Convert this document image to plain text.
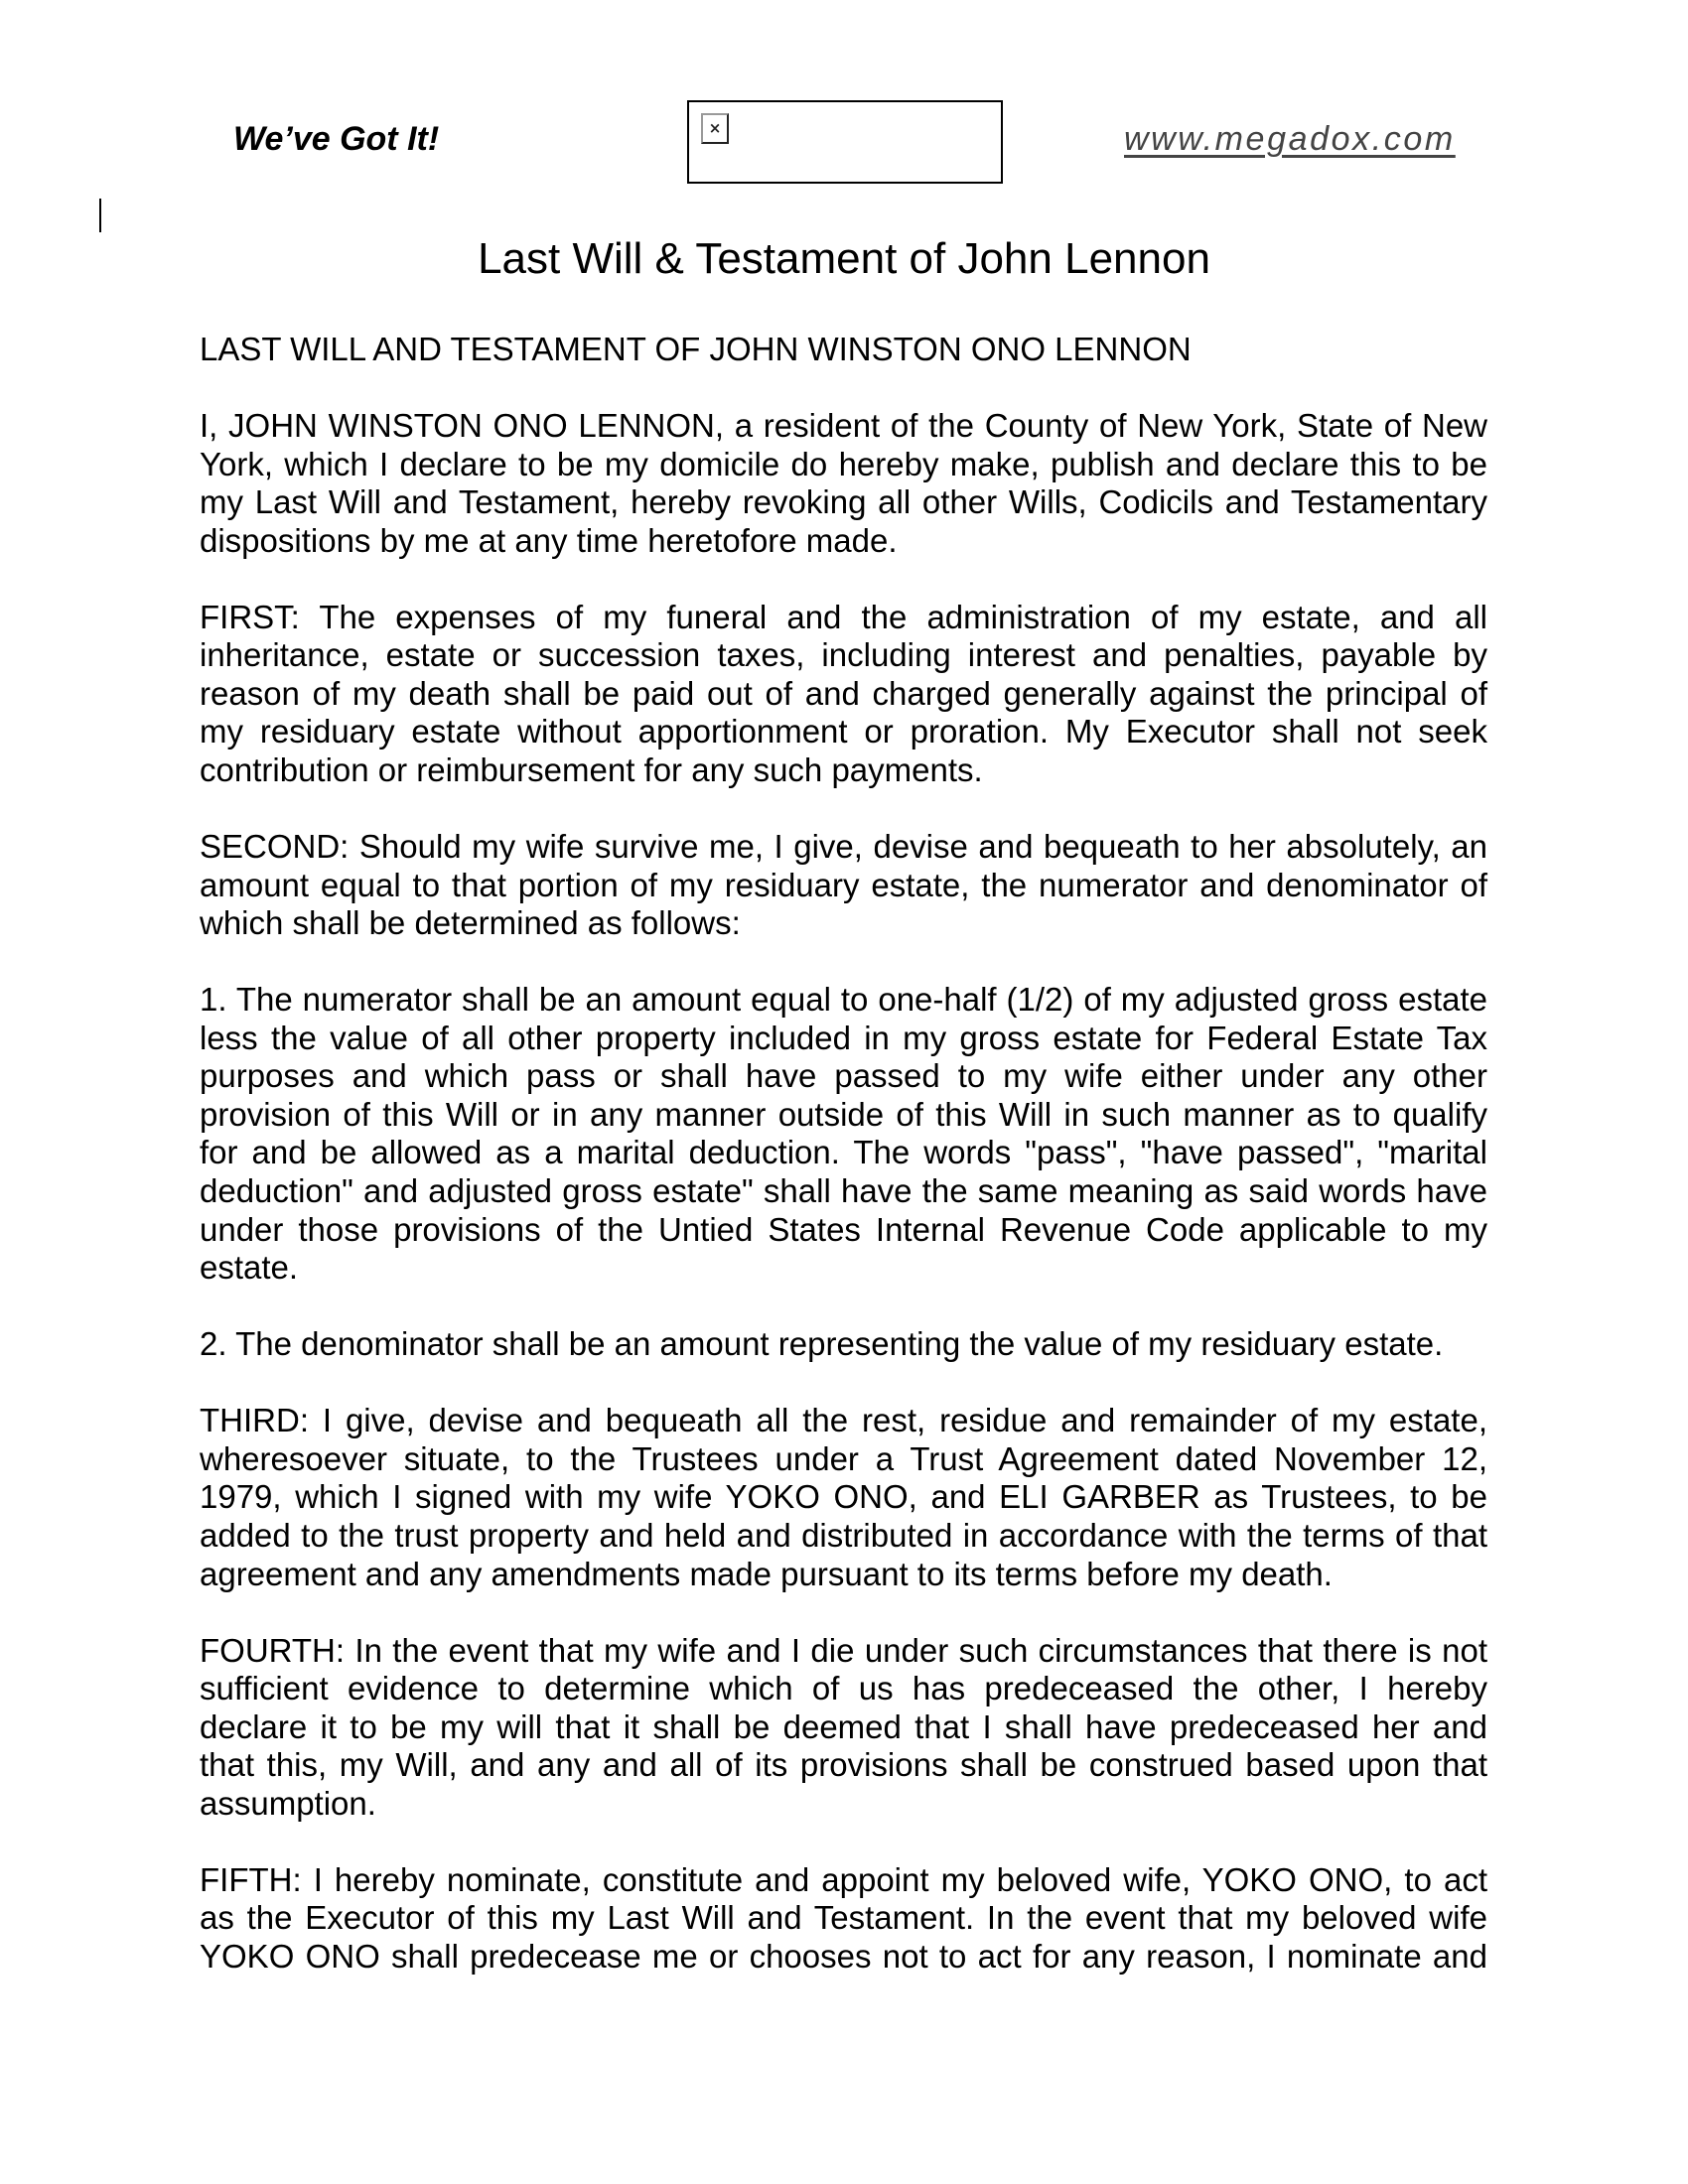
We’ve Got It!	×	www.megadox.com
Last Will & Testament of John Lennon
LAST WILL AND TESTAMENT OF JOHN WINSTON ONO LENNON
I, JOHN WINSTON ONO LENNON, a resident of the County of New York, State of New
York, which I declare to be my domicile do hereby make, publish and declare this to be
my Last Will and Testament, hereby revoking all other Wills, Codicils and Testamentary
dispositions by me at any time heretofore made.
FIRST: The expenses of my funeral and the administration of my estate, and all
inheritance, estate or succession taxes, including interest and penalties, payable by
reason of my death shall be paid out of and charged generally against the principal of
my residuary estate without apportionment or proration. My Executor shall not seek
contribution or reimbursement for any such payments.
SECOND: Should my wife survive me, I give, devise and bequeath to her absolutely, an
amount equal to that portion of my residuary estate, the numerator and denominator of
which shall be determined as follows:
1. The numerator shall be an amount equal to one-half (1/2) of my adjusted gross estate
less the value of all other property included in my gross estate for Federal Estate Tax
purposes and which pass or shall have passed to my wife either under any other
provision of this Will or in any manner outside of this Will in such manner as to qualify
for and be allowed as a marital deduction. The words "pass", "have passed", "marital
deduction" and adjusted gross estate" shall have the same meaning as said words have
under those provisions of the Untied States Internal Revenue Code applicable to my
estate.
2. The denominator shall be an amount representing the value of my residuary estate.
THIRD: I give, devise and bequeath all the rest, residue and remainder of my estate,
wheresoever situate, to the Trustees under a Trust Agreement dated November 12,
1979, which I signed with my wife YOKO ONO, and ELI GARBER as Trustees, to be
added to the trust property and held and distributed in accordance with the terms of that
agreement and any amendments made pursuant to its terms before my death.
FOURTH: In the event that my wife and I die under such circumstances that there is not
sufficient evidence to determine which of us has predeceased the other, I hereby
declare it to be my will that it shall be deemed that I shall have predeceased her and
that this, my Will, and any and all of its provisions shall be construed based upon that
assumption.
FIFTH: I hereby nominate, constitute and appoint my beloved wife, YOKO ONO, to act
as the Executor of this my Last Will and Testament. In the event that my beloved wife
YOKO ONO shall predecease me or chooses not to act for any reason, I nominate and
